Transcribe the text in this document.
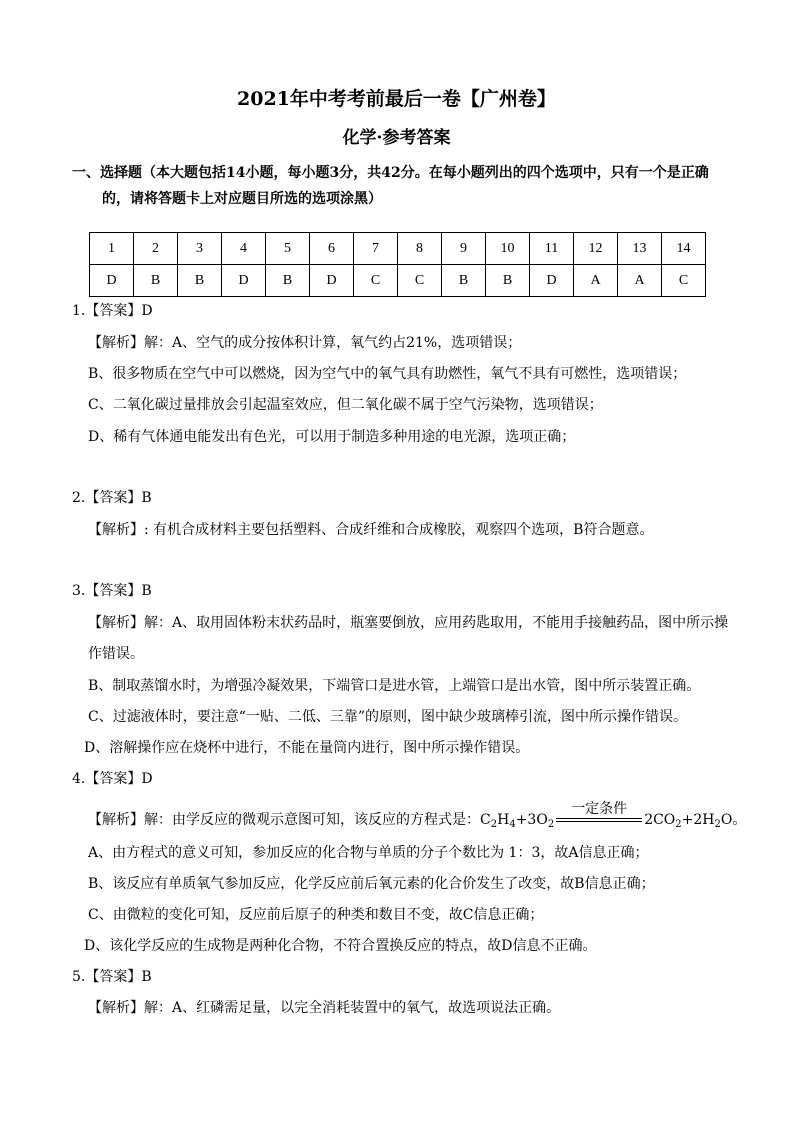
2021年中考考前最后一卷【广州卷】
化学·参考答案
一、选择题（本大题包括14小题，每小题3分，共42分。在每小题列出的四个选项中，只有一个是正确
的，请将答题卡上对应题目所选的选项涂黑）
1	2	3	4	5	6	7	8	9	10	11	12	13	14
D	B	B	D	B	D	C	C	B	B	D	A	A	C
1.【答案】D
【解析】解：A、空气的成分按体积计算，氧气约占21%，选项错误；
B、很多物质在空气中可以燃烧，因为空气中的氧气具有助燃性，氧气不具有可燃性，选项错误；
C、二氧化碳过量排放会引起温室效应，但二氧化碳不属于空气污染物，选项错误；
D、稀有气体通电能发出有色光，可以用于制造多种用途的电光源，选项正确；
2.【答案】B
【解析】: 有机合成材料主要包括塑料、合成纤维和合成橡胶，观察四个选项，B符合题意。
3.【答案】B
【解析】解：A、取用固体粉末状药品时，瓶塞要倒放，应用药匙取用，不能用手接触药品，图中所示操
作错误。
B、制取蒸馏水时，为增强冷凝效果，下端管口是进水管，上端管口是出水管，图中所示装置正确。
C、过滤液体时，要注意“一贴、二低、三靠”的原则，图中缺少玻璃棒引流，图中所示操作错误。
D、溶解操作应在烧杯中进行，不能在量筒内进行，图中所示操作错误。
4.【答案】D
【解析】解：由学反应的微观示意图可知，该反应的方程式是：$C_2H_4+3O_2$
一定条件
$2CO_2+2H_2O$。
A、由方程式的意义可知，参加反应的化合物与单质的分子个数比为 1：3，故A信息正确；
B、该反应有单质氧气参加反应，化学反应前后氧元素的化合价发生了改变，故B信息正确；
C、由微粒的变化可知，反应前后原子的种类和数目不变，故C信息正确；
D、该化学反应的生成物是两种化合物，不符合置换反应的特点，故D信息不正确。
5.【答案】B
【解析】解：A、红磷需足量，以完全消耗装置中的氧气，故选项说法正确。
